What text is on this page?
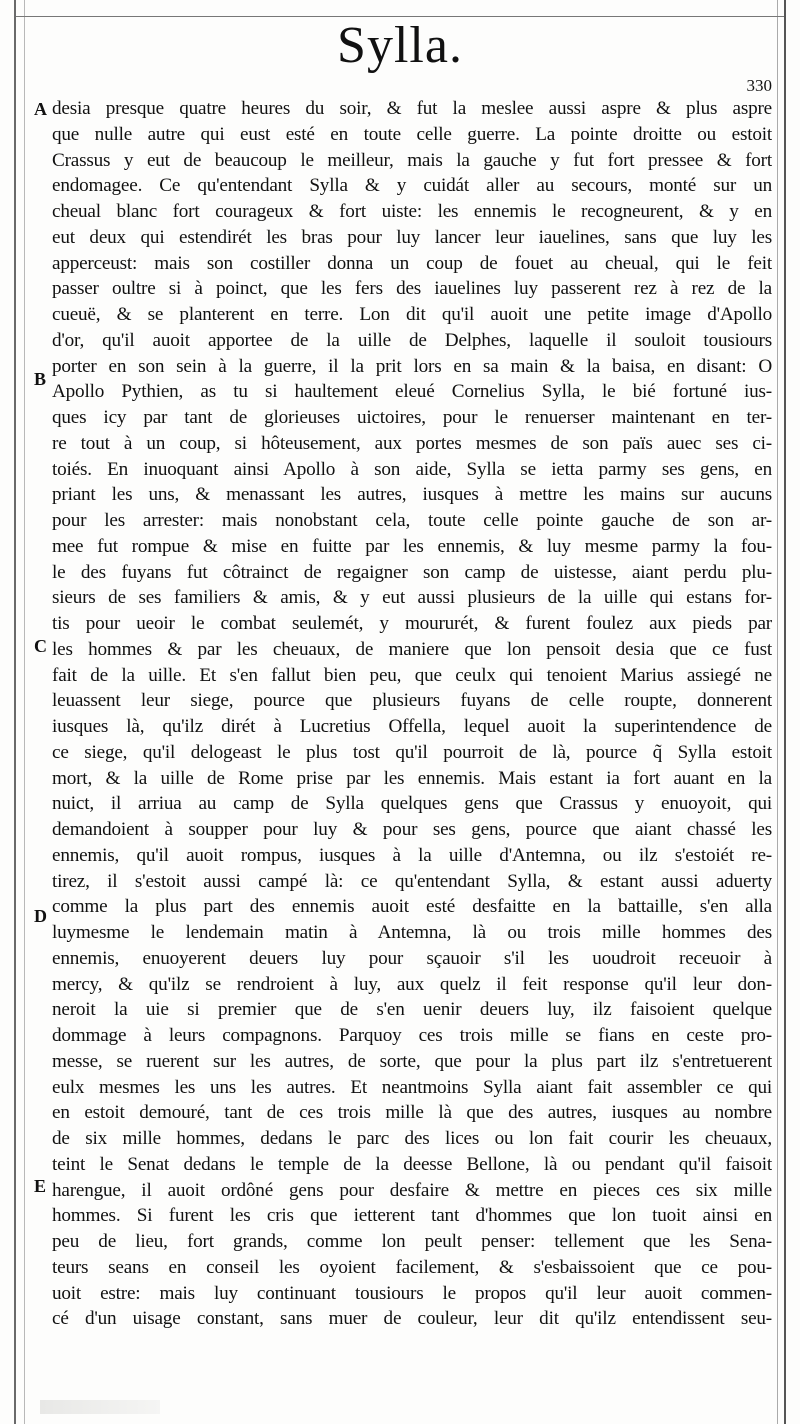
Sylla.
330
A
B
C
D
E
desia presque quatre heures du soir, & fut la meslee aussi aspre & plus aspre
que nulle autre qui eust esté en toute celle guerre. La pointe droitte ou estoit
Crassus y eut de beaucoup le meilleur, mais la gauche y fut fort pressee & fort
endomagee. Ce qu'entendant Sylla & y cuidát aller au secours, monté sur un
cheual blanc fort courageux & fort uiste: les ennemis le recogneurent, & y en
eut deux qui estendirét les bras pour luy lancer leur iauelines, sans que luy les
apperceust: mais son costiller donna un coup de fouet au cheual, qui le feit
passer oultre si à poinct, que les fers des iauelines luy passerent rez à rez de la
cueuë, & se planterent en terre. Lon dit qu'il auoit une petite image d'Apollo
d'or, qu'il auoit apportee de la uille de Delphes, laquelle il souloit tousiours
porter en son sein à la guerre, il la prit lors en sa main & la baisa, en disant: O
Apollo Pythien, as tu si haultement eleué Cornelius Sylla, le bié fortuné ius-
ques icy par tant de glorieuses uictoires, pour le renuerser maintenant en ter-
re tout à un coup, si hôteusement, aux portes mesmes de son païs auec ses ci-
toiés. En inuoquant ainsi Apollo à son aide, Sylla se ietta parmy ses gens, en
priant les uns, & menassant les autres, iusques à mettre les mains sur aucuns
pour les arrester: mais nonobstant cela, toute celle pointe gauche de son ar-
mee fut rompue & mise en fuitte par les ennemis, & luy mesme parmy la fou-
le des fuyans fut côtrainct de regaigner son camp de uistesse, aiant perdu plu-
sieurs de ses familiers & amis, & y eut aussi plusieurs de la uille qui estans for-
tis pour ueoir le combat seulemét, y moururét, & furent foulez aux pieds par
les hommes & par les cheuaux, de maniere que lon pensoit desia que ce fust
fait de la uille. Et s'en fallut bien peu, que ceulx qui tenoient Marius assiegé ne
leuassent leur siege, pource que plusieurs fuyans de celle roupte, donnerent
iusques là, qu'ilz dirét à Lucretius Offella, lequel auoit la superintendence de
ce siege, qu'il delogeast le plus tost qu'il pourroit de là, pource q̃ Sylla estoit
mort, & la uille de Rome prise par les ennemis. Mais estant ia fort auant en la
nuict, il arriua au camp de Sylla quelques gens que Crassus y enuoyoit, qui
demandoient à soupper pour luy & pour ses gens, pource que aiant chassé les
ennemis, qu'il auoit rompus, iusques à la uille d'Antemna, ou ilz s'estoiét re-
tirez, il s'estoit aussi campé là: ce qu'entendant Sylla, & estant aussi aduerty
comme la plus part des ennemis auoit esté desfaitte en la battaille, s'en alla
luymesme le lendemain matin à Antemna, là ou trois mille hommes des
ennemis, enuoyerent deuers luy pour sçauoir s'il les uoudroit receuoir à
mercy, & qu'ilz se rendroient à luy, aux quelz il feit response qu'il leur don-
neroit la uie si premier que de s'en uenir deuers luy, ilz faisoient quelque
dommage à leurs compagnons. Parquoy ces trois mille se fians en ceste pro-
messe, se ruerent sur les autres, de sorte, que pour la plus part ilz s'entretuerent
eulx mesmes les uns les autres. Et neantmoins Sylla aiant fait assembler ce qui
en estoit demouré, tant de ces trois mille là que des autres, iusques au nombre
de six mille hommes, dedans le parc des lices ou lon fait courir les cheuaux,
teint le Senat dedans le temple de la deesse Bellone, là ou pendant qu'il faisoit
harengue, il auoit ordôné gens pour desfaire & mettre en pieces ces six mille
hommes. Si furent les cris que ietterent tant d'hommes que lon tuoit ainsi en
peu de lieu, fort grands, comme lon peult penser: tellement que les Sena-
teurs seans en conseil les oyoient facilement, & s'esbaissoient que ce pou-
uoit estre: mais luy continuant tousiours le propos qu'il leur auoit commen-
cé d'un uisage constant, sans muer de couleur, leur dit qu'ilz entendissent seu-
